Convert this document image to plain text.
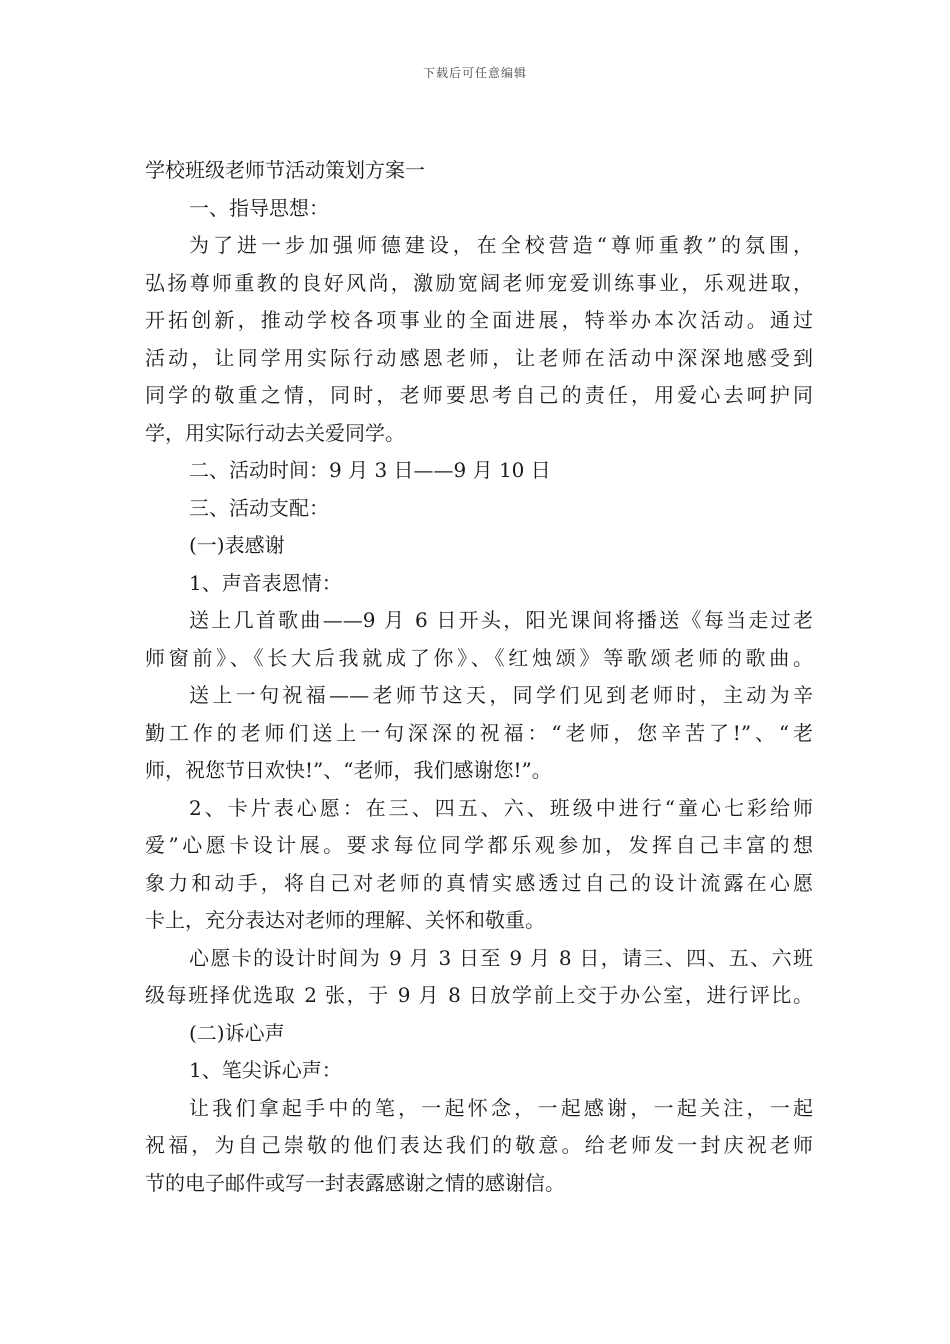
下载后可任意编辑
学校班级老师节活动策划方案一
一、指导思想：
为了进一步加强师德建设，在全校营造“尊师重教”的氛围，
弘扬尊师重教的良好风尚，激励宽阔老师宠爱训练事业，乐观进取，
开拓创新，推动学校各项事业的全面进展，特举办本次活动。通过
活动，让同学用实际行动感恩老师，让老师在活动中深深地感受到
同学的敬重之情，同时，老师要思考自己的责任，用爱心去呵护同
学，用实际行动去关爱同学。
二、活动时间：9 月 3 日——9 月 10 日
三、活动支配：
(一)表感谢
1、声音表恩情：
送上几首歌曲——9 月 6 日开头，阳光课间将播送《每当走过老
师窗前》、《长大后我就成了你》、《红烛颂》等歌颂老师的歌曲。
送上一句祝福——老师节这天，同学们见到老师时，主动为辛
勤工作的老师们送上一句深深的祝福：“老师，您辛苦了!”、“老
师，祝您节日欢快!”、“老师，我们感谢您!”。
2、卡片表心愿：在三、四五、六、班级中进行“童心七彩给师
爱”心愿卡设计展。要求每位同学都乐观参加，发挥自己丰富的想
象力和动手，将自己对老师的真情实感透过自己的设计流露在心愿
卡上，充分表达对老师的理解、关怀和敬重。
心愿卡的设计时间为 9 月 3 日至 9 月 8 日，请三、四、五、六班
级每班择优选取 2 张，于 9 月 8 日放学前上交于办公室，进行评比。
(二)诉心声
1、笔尖诉心声：
让我们拿起手中的笔，一起怀念，一起感谢，一起关注，一起
祝福，为自己崇敬的他们表达我们的敬意。给老师发一封庆祝老师
节的电子邮件或写一封表露感谢之情的感谢信。
